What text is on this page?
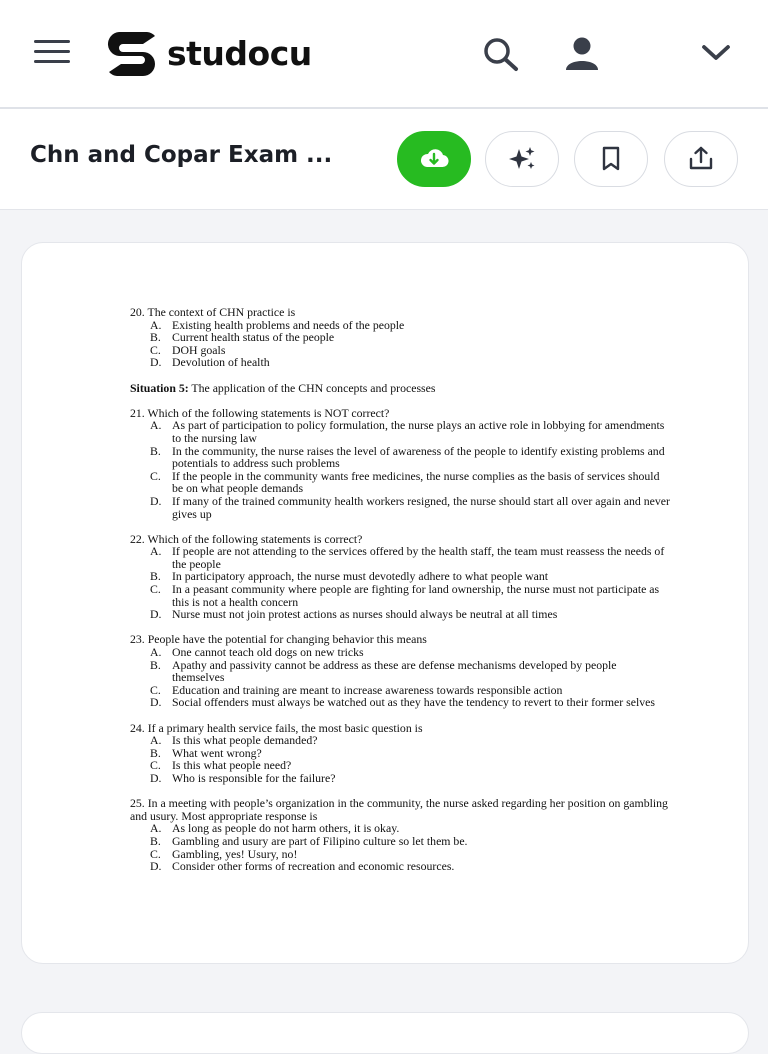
studocu
Chn and Copar Exam ...
20. The context of CHN practice is
A. Existing health problems and needs of the people
B. Current health status of the people
C. DOH goals
D. Devolution of health
Situation 5: The application of the CHN concepts and processes
21. Which of the following statements is NOT correct?
A. As part of participation to policy formulation, the nurse plays an active role in lobbying for amendments to the nursing law
B. In the community, the nurse raises the level of awareness of the people to identify existing problems and potentials to address such problems
C. If the people in the community wants free medicines, the nurse complies as the basis of services should be on what people demands
D. If many of the trained community health workers resigned, the nurse should start all over again and never gives up
22. Which of the following statements is correct?
A. If people are not attending to the services offered by the health staff, the team must reassess the needs of the people
B. In participatory approach, the nurse must devotedly adhere to what people want
C. In a peasant community where people are fighting for land ownership, the nurse must not participate as this is not a health concern
D. Nurse must not join protest actions as nurses should always be neutral at all times
23. People have the potential for changing behavior this means
A. One cannot teach old dogs on new tricks
B. Apathy and passivity cannot be address as these are defense mechanisms developed by people themselves
C. Education and training are meant to increase awareness towards responsible action
D. Social offenders must always be watched out as they have the tendency to revert to their former selves
24. If a primary health service fails, the most basic question is
A. Is this what people demanded?
B. What went wrong?
C. Is this what people need?
D. Who is responsible for the failure?
25. In a meeting with people’s organization in the community, the nurse asked regarding her position on gambling and usury. Most appropriate response is
A. As long as people do not harm others, it is okay.
B. Gambling and usury are part of Filipino culture so let them be.
C. Gambling, yes! Usury, no!
D. Consider other forms of recreation and economic resources.
